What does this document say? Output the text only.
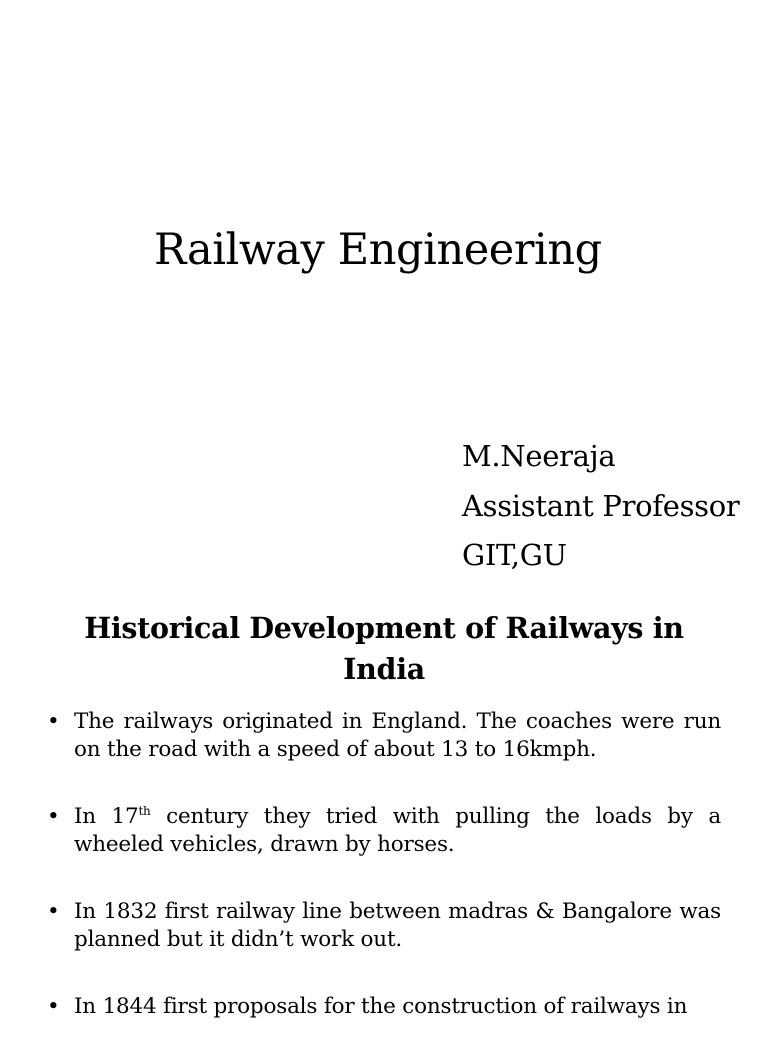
Railway Engineering
M.Neeraja
Assistant Professor
GIT,GU
Historical Development of Railways in India
• The railways originated in England. The coaches were run on the road with a speed of about 13 to 16kmph.
• In 17th century they tried with pulling the loads by a wheeled vehicles, drawn by horses.
• In 1832 first railway line between madras & Bangalore was planned but it didn’t work out.
• In 1844 first proposals for the construction of railways in
